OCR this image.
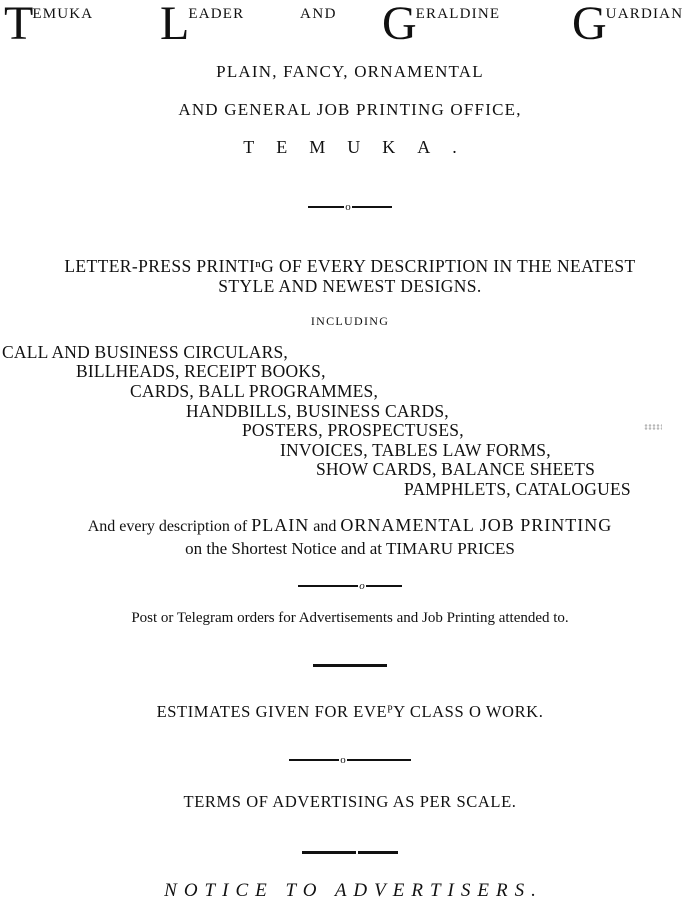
T EMUKA L EADER	AND G ERALDINE G UARDIAN
PLAIN, FANCY, ORNAMENTAL
AND GENERAL JOB PRINTING OFFICE,
TEMUKA.
o
LETTER-PRESS PRINTIⁿG OF EVERY DESCRIPTION IN THE NEATEST
STYLE AND NEWEST DESIGNS.
INCLUDING
CALL AND BUSINESS CIRCULARS,
BILLHEADS, RECEIPT BOOKS,
CARDS, BALL PROGRAMMES,
HANDBILLS, BUSINESS CARDS,
POSTERS, PROSPECTUSES,
INVOICES, TABLES LAW FORMS,
SHOW CARDS, BALANCE SHEETS
PAMPHLETS, CATALOGUES
And every description of PLAIN and ORNAMENTAL JOB PRINTING
on the Shortest Notice and at TIMARU PRICES
o
Post or Telegram orders for Advertisements and Job Printing attended to.
ESTIMATES GIVEN FOR EVEᴾY CLASS O WORK.
o
TERMS OF ADVERTISING AS PER SCALE.
NOTICE TO ADVERTISERS.
